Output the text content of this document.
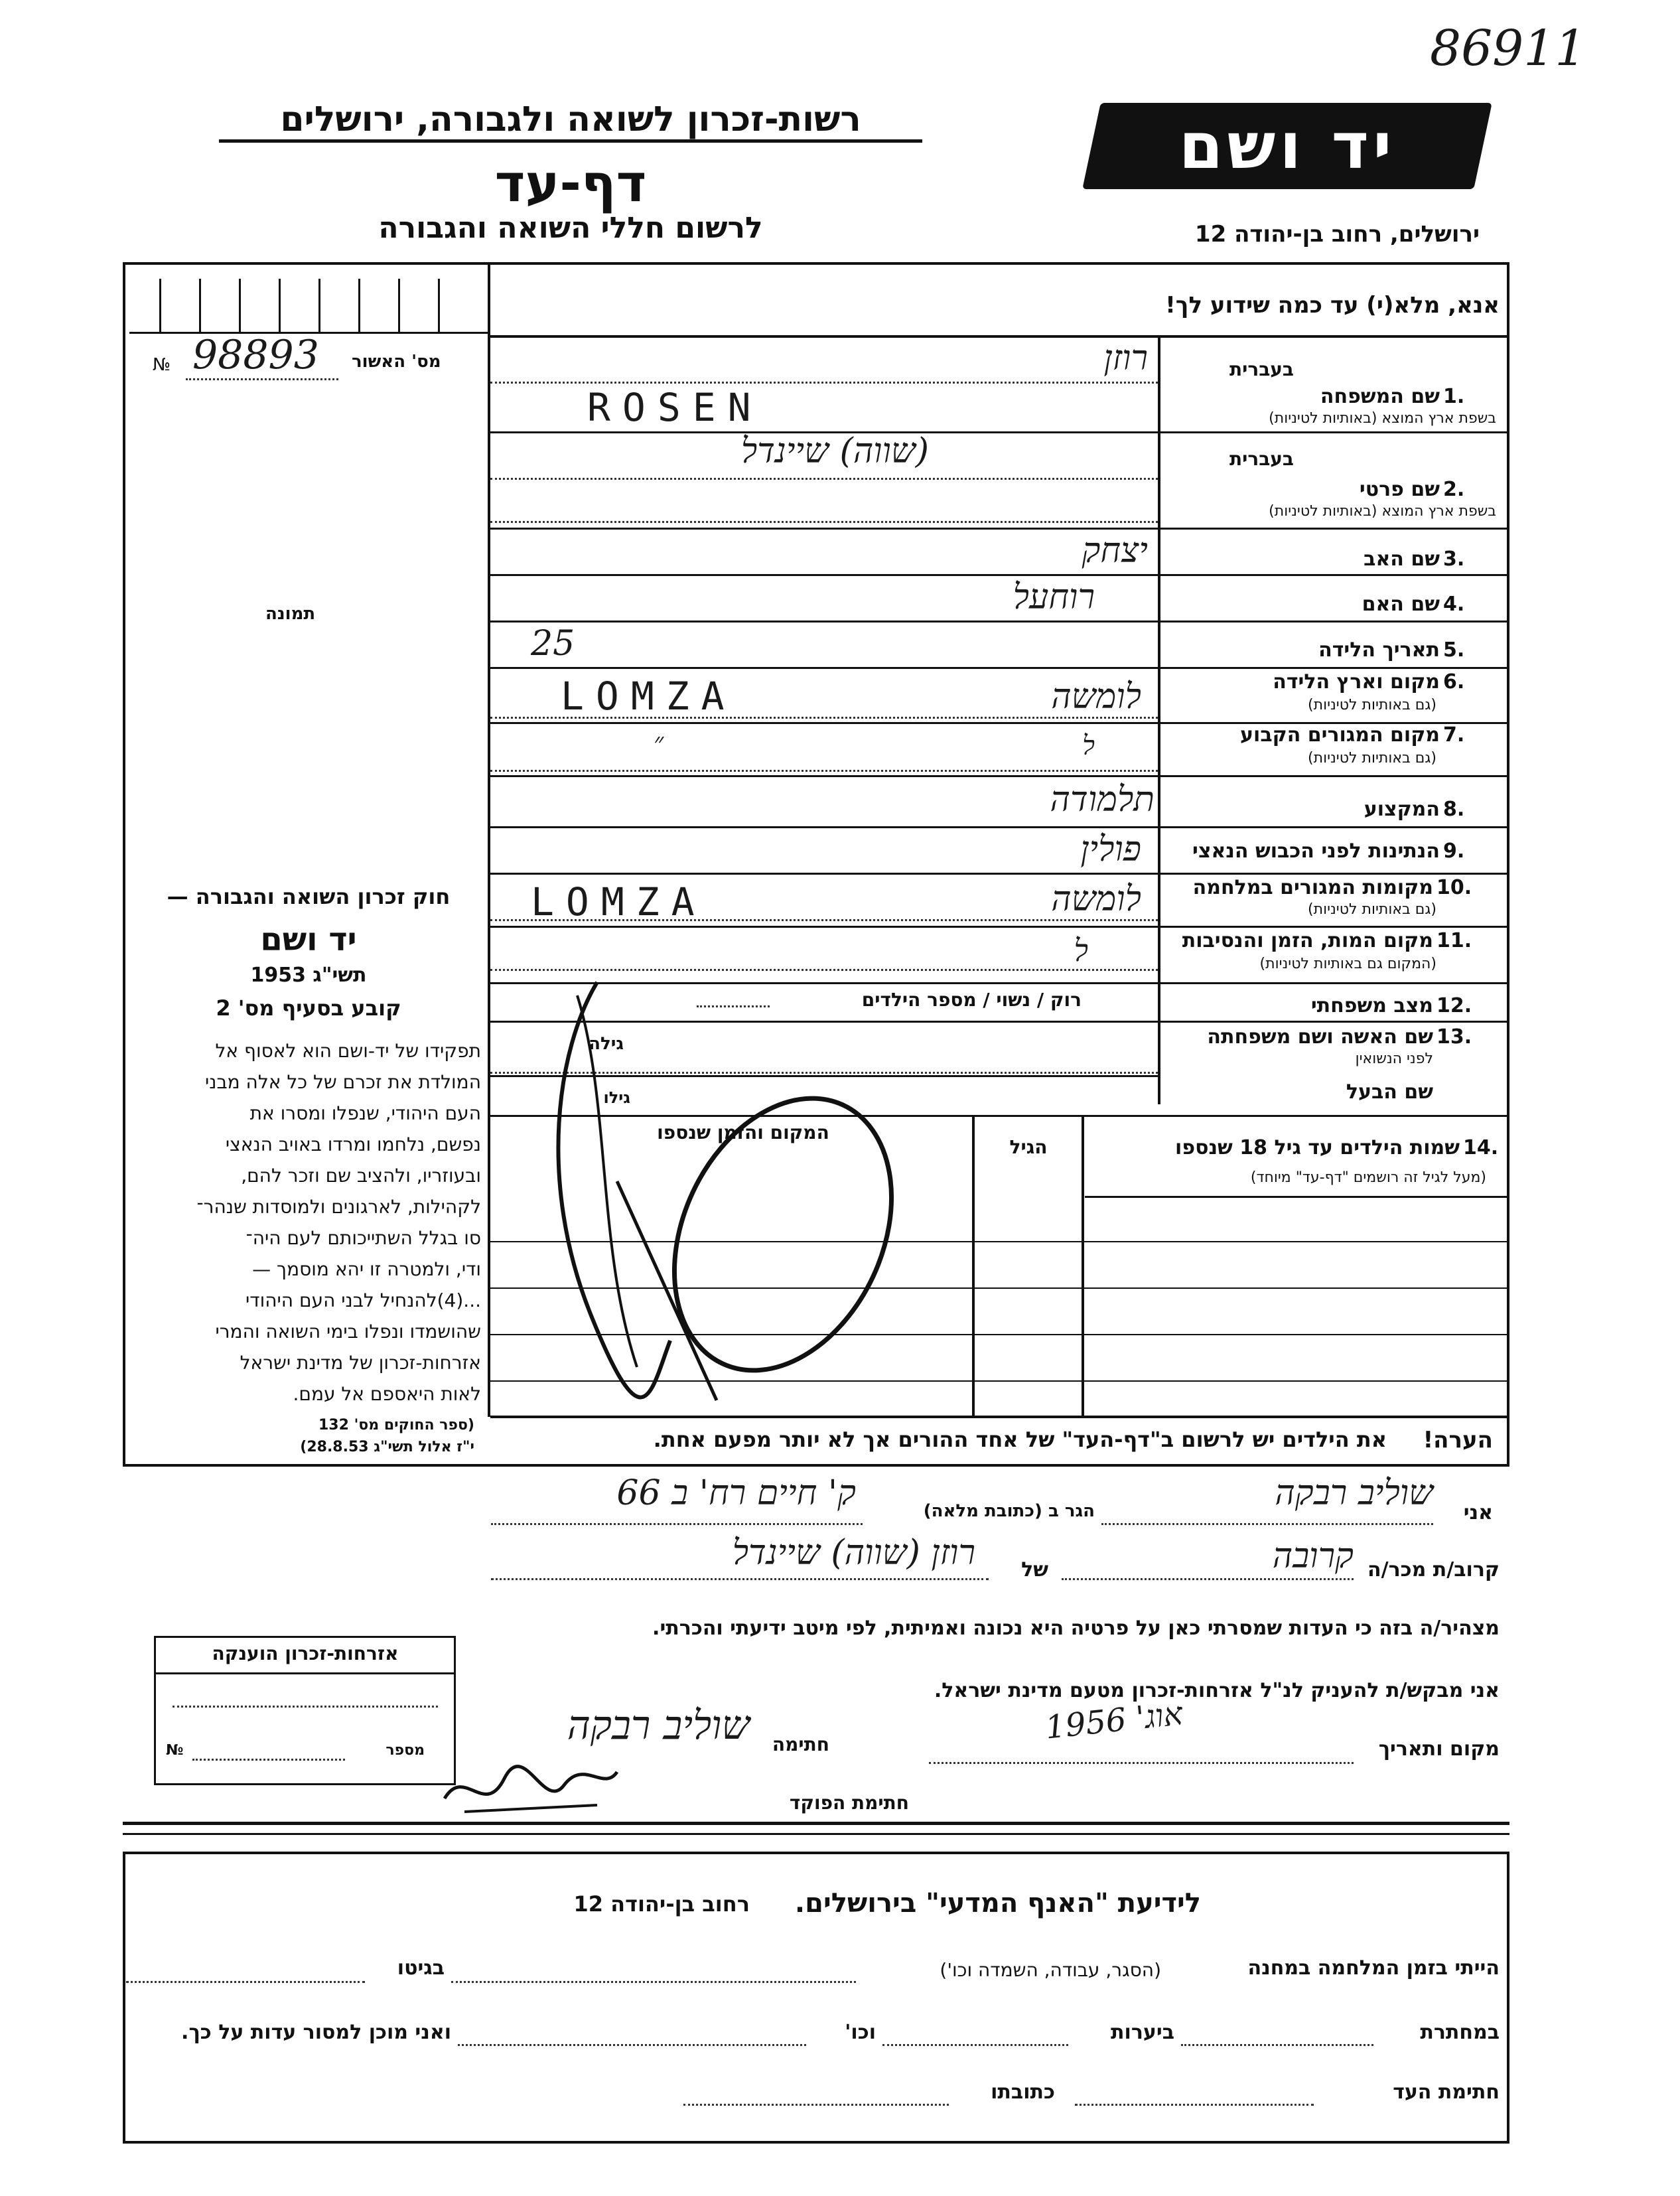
86911
רשות-זכרון לשואה ולגבורה, ירושלים
דף-עד
לרשום חללי השואה והגבורה
יד ושם
ירושלים, רחוב בן-יהודה 12
№ 98893 מס' האשור
תמונה
אנא, מלא(י) עד כמה שידוע לך!
בעברית
שם המשפחה 1.
בשפת ארץ המוצא (באותיות לטיניות)
רוזן
ROSEN
בעברית
שם פרטי 2.
בשפת ארץ המוצא (באותיות לטיניות)
(שווה) שיינדל
שם האב 3.
יצחק
שם האם 4.
רוחעל
תאריך הלידה 5.
25
מקום וארץ הלידה 6.
(גם באותיות לטיניות)
LOMZA	לומשה
מקום המגורים הקבוע 7.
(גם באותיות לטיניות)
״	ל
המקצוע 8.
תלמודה
הנתינות לפני הכבוש הנאצי 9.
פולין
מקומות המגורים במלחמה 10.
(גם באותיות לטיניות)
LOMZA	לומשה
מקום המות, הזמן והנסיבות 11.
(המקום גם באותיות לטיניות)
ל
מצב משפחתי 12.
רוק / נשוי / מספר הילדים
שם האשה ושם משפחתה 13.
לפני הנשואין
גילה
שם הבעל
גילו
שמות הילדים עד גיל 18 שנספו 14.
(מעל לגיל זה רושמים "דף-עד" מיוחד)
הגיל
המקום והזמן שנספו
חוק זכרון השואה והגבורה —
יד ושם
תשי"ג 1953
קובע בסעיף מס' 2
תפקידו של יד-ושם הוא לאסוף אל
המולדת את זכרם של כל אלה מבני
העם היהודי, שנפלו ומסרו את
נפשם, נלחמו ומרדו באויב הנאצי
ובעוזריו, ולהציב שם וזכר להם,
לקהילות, לארגונים ולמוסדות שנהר־
סו בגלל השתייכותם לעם היה־
ודי, ולמטרה זו יהא מוסמך —
...(4)להנחיל לבני העם היהודי
שהושמדו ונפלו בימי השואה והמרי
אזרחות-זכרון של מדינת ישראל
לאות היאספם אל עמם.
(ספר החוקים מס' 132
י"ז אלול תשי"ג 28.8.53)	הערה!
את הילדים יש לרשום ב"דף-העד" של אחד ההורים אך לא יותר מפעם אחת.
אני
שוליב רבקה
הגר ב (כתובת מלאה)
ק' חיים רח' ב 66
קרוב/ת מכר/ה
קרובה
של
רוזן (שווה) שיינדל
מצהיר/ה בזה כי העדות שמסרתי כאן על פרטיה היא נכונה ואמיתית, לפי מיטב ידיעתי והכרתי.
אני מבקש/ת להעניק לנ"ל אזרחות-זכרון מטעם מדינת ישראל.
מקום ותאריך
אוג' 1956
חתימה
שוליב רבקה
חתימת הפוקד
אזרחות-זכרון הוענקה
מספר
№
לידיעת "האנף המדעי" בירושלים.
רחוב בן-יהודה 12
הייתי בזמן המלחמה במחנה
(הסגר, עבודה, השמדה וכו')
בגיטו
במחתרת
ביערות
וכו'
ואני מוכן למסור עדות על כך.
חתימת העד
כתובתו
